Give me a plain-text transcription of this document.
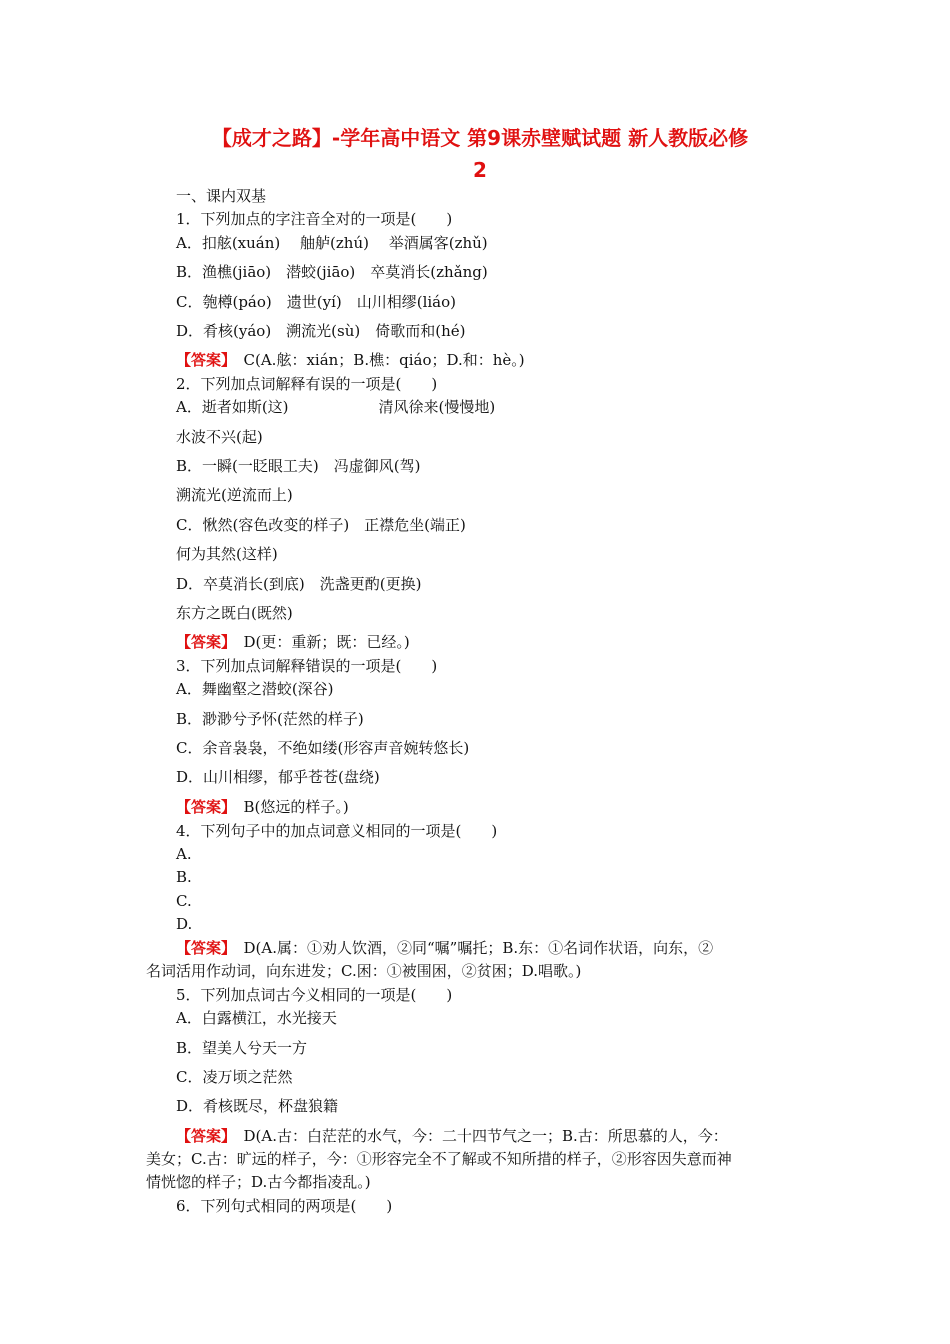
【成才之路】-学年高中语文 第9课赤壁赋试题 新人教版必修
2
一、课内双基
1．下列加点的字注音全对的一项是(　　)
A．扣舷(xuán)　 舳舻(zhú)　 举酒属客(zhǔ)
B．渔樵(jiāo)　潜蛟(jiāo)　卒莫消长(zhǎng)
C．匏樽(páo)　遗世(yí)　山川相缪(liáo)
D．肴核(yáo)　溯流光(sù)　倚歌而和(hé)
【答案】　C(A.舷：xián；B.樵：qiáo；D.和：hè。)
2．下列加点词解释有误的一项是(　　)
A．逝者如斯(这)　　　　　　清风徐来(慢慢地)
水波不兴(起)
B．一瞬(一眨眼工夫)　冯虚御风(驾)
溯流光(逆流而上)
C．愀然(容色改变的样子)　正襟危坐(端正)
何为其然(这样)
D．卒莫消长(到底)　洗盏更酌(更换)
东方之既白(既然)
【答案】　D(更：重新；既：已经。)
3．下列加点词解释错误的一项是(　　)
A．舞幽壑之潜蛟(深谷)
B．渺渺兮予怀(茫然的样子)
C．余音袅袅，不绝如缕(形容声音婉转悠长)
D．山川相缪，郁乎苍苍(盘绕)
【答案】　B(悠远的样子。)
4．下列句子中的加点词意义相同的一项是(　　)
A.
B.
C.
D.
【答案】　D(A.属：①劝人饮酒，②同“嘱”嘱托；B.东：①名词作状语，向东，②
名词活用作动词，向东进发；C.困：①被围困，②贫困；D.唱歌。)
5．下列加点词古今义相同的一项是(　　)
A．白露横江，水光接天
B．望美人兮天一方
C．凌万顷之茫然
D．肴核既尽，杯盘狼籍
【答案】　D(A.古：白茫茫的水气，今：二十四节气之一；B.古：所思慕的人，今：
美女；C.古：旷远的样子，今：①形容完全不了解或不知所措的样子，②形容因失意而神
情恍惚的样子；D.古今都指凌乱。)
6．下列句式相同的两项是(　　)
